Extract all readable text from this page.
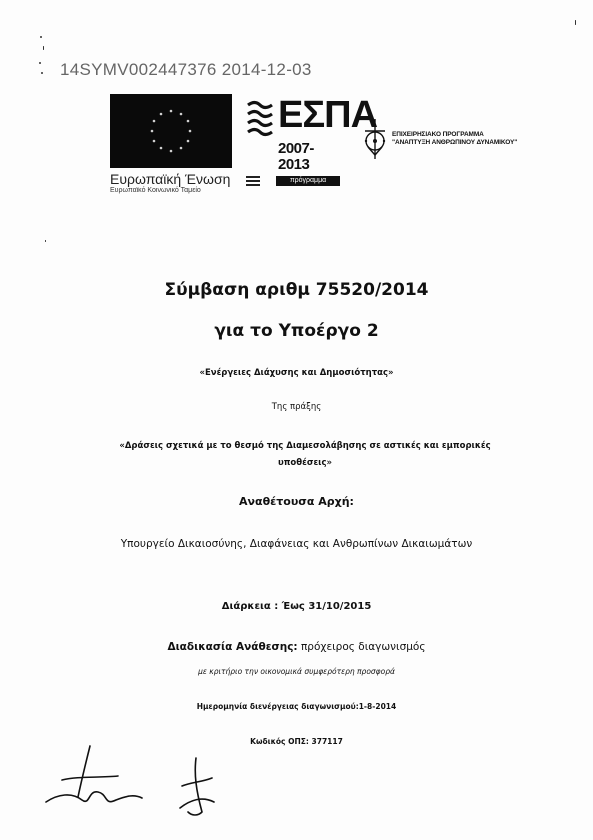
14SYMV002447376 2014-12-03
Ευρωπαϊκή Ένωση
Ευρωπαϊκό Κοινωνικό Ταμείο
ΕΣΠΑ
2007-2013
πρόγραμμα
ΕΠΙΧΕΙΡΗΣΙΑΚΟ ΠΡΟΓΡΑΜΜΑ
"ΑΝΑΠΤΥΞΗ ΑΝΘΡΩΠΙΝΟΥ ΔΥΝΑΜΙΚΟΥ"
Σύμβαση αριθμ 75520/2014
για το Υποέργο 2
«Ενέργειες Διάχυσης και Δημοσιότητας»
Της πράξης
«Δράσεις σχετικά με το θεσμό της Διαμεσολάβησης σε αστικές και εμπορικές υποθέσεις»
Αναθέτουσα Αρχή:
Υπουργείο Δικαιοσύνης, Διαφάνειας και Ανθρωπίνων Δικαιωμάτων
Διάρκεια : Έως 31/10/2015
Διαδικασία Ανάθεσης: πρόχειρος διαγωνισμός
με κριτήριο την οικονομικά συμφερότερη προσφορά
Ημερομηνία διενέργειας διαγωνισμού:1-8-2014
Κωδικός ΟΠΣ: 377117
